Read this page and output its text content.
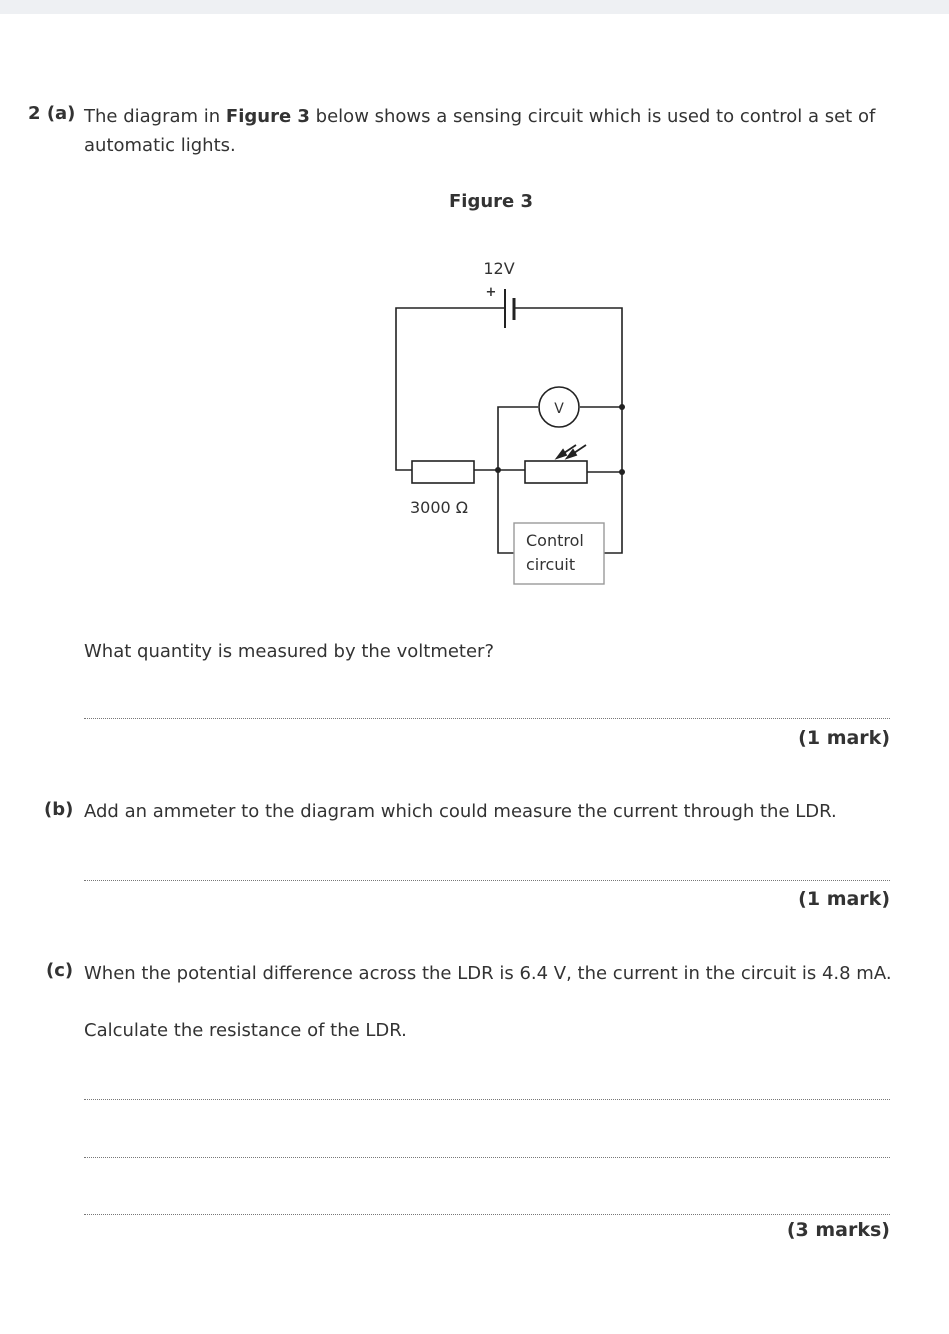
2 (a) The diagram in Figure 3 below shows a sensing circuit which is used to control a set of automatic lights.
Figure 3
V
Control
circuit
12V
+
3000 Ω
What quantity is measured by the voltmeter?
(1 mark)
(b) Add an ammeter to the diagram which could measure the current through the LDR.
(1 mark)
(c) When the potential difference across the LDR is 6.4 V, the current in the circuit is 4.8 mA.
Calculate the resistance of the LDR.
(3 marks)
